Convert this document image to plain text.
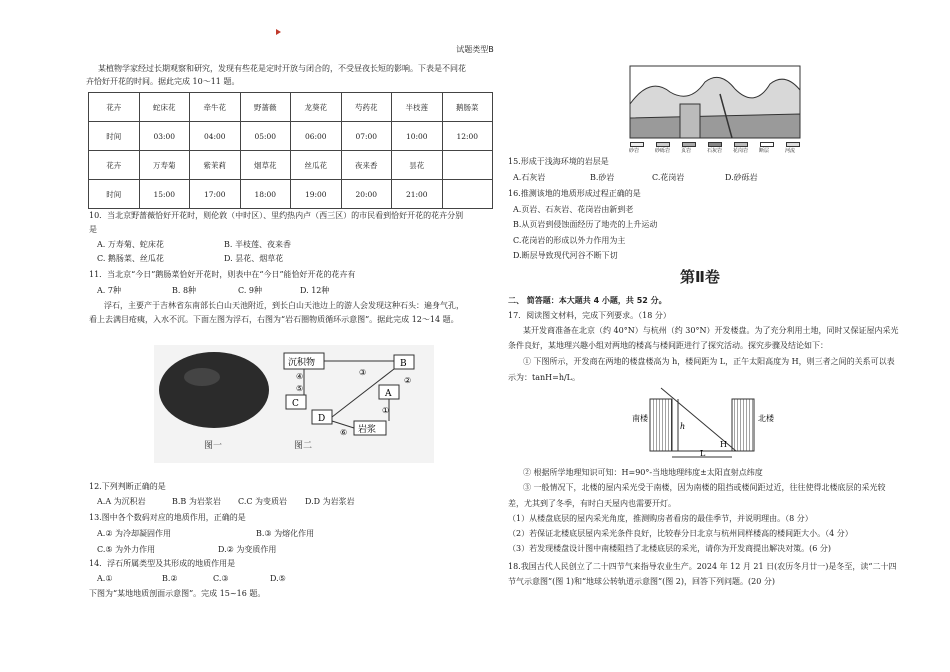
试题类型B
某植物学家经过长期观察和研究，发现有些花是定时开放与闭合的，不受昼夜长短的影响。下表是不同花
卉恰好开花的时间。据此完成 10～11 题。
花卉	蛇床花	牵牛花	野蔷薇	龙葵花	芍药花	半枝莲	鹅肠菜
时间	03:00	04:00	05:00	06:00	07:00	10:00	12:00
花卉	万寿菊	紫茉莉	烟草花	丝瓜花	夜来香	昙花	
时间	15:00	17:00	18:00	19:00	20:00	21:00	
10．当北京野蔷薇恰好开花时，则伦敦（中时区）、里约热内卢（西三区）的市民看到恰好开花的花卉分别
是
A. 万寿菊、蛇床花	B. 半枝莲、夜来香
C. 鹅肠菜、丝瓜花	D. 昙花、烟草花
11．当北京“今日”鹅肠菜恰好开花时，则表中在“今日”能恰好开花的花卉有
A. 7种	B. 8种	C. 9种	D. 12种
浮石，主要产于吉林省东南部长白山天池附近，到长白山天池边上的游人会发现这种石头：遍身气孔，
看上去满目疮痍，入水不沉。下面左图为浮石，右图为“岩石圈物质循环示意图”。据此完成 12～14 题。
图一	图二
沉积物	B
A
C
D
岩浆
④
⑤
③
①
⑥
②
12.下列判断正确的是
A.A 为沉积岩	B.B 为岩浆岩 C.C 为变质岩 D.D 为岩浆岩
13.图中各个数码对应的地质作用，正确的是
A.② 为冷却凝固作用	B.③ 为熔化作用
C.⑤ 为外力作用	D.② 为变质作用
14．浮石所属类型及其形成的地质作用是
A.①	B.②	C.③	D.⑤
下图为“某地地质剖面示意图”。完成 15~16 题。
砂岩	砂砾岩 页岩	石灰岩 花岗岩 断层	河流
15.形成于浅海环境的岩层是
A.石灰岩	B.砂岩	C.花岗岩	D.砂砾岩
16.推测该地的地质形成过程正确的是
A.页岩、石灰岩、花岗岩由新到老
B.从页岩到侵蚀面经历了地壳的上升运动
C.花岗岩的形成以外力作用为主
D.断层导致现代河谷不断下切
第Ⅱ卷
二、 简答题：本大题共 4 小题，共 52 分。
17．阅读图文材料，完成下列要求。（18 分）
某开发商准备在北京（约 40°N）与杭州（约 30°N）开发楼盘。为了充分利用土地，同时又保证屋内采光
条件良好，某地理兴趣小组对两地的楼高与楼间距进行了探究活动。探究步骤及结论如下：
① 下图所示，开发商在两地的楼盘楼高为 h，楼间距为 L，正午太阳高度为 H，则三者之间的关系可以表
示为：tanH=h/L。
南楼	北楼
h
H
L
② 根据所学地理知识可知：H=90°-当地地理纬度±太阳直射点纬度
③ 一般情况下，北楼的屋内采光受于南楼，因为南楼的阻挡或楼间距过近，往往使得北楼底层的采光较
差，尤其到了冬季，有时白天屋内也需要开灯。
（1）从楼盘底层的屋内采光角度，推测购房者看房的最佳季节，并说明理由。（8 分）
（2）若保证北楼底层屋内采光条件良好，比较春分日北京与杭州同样楼高的楼间距大小。（4 分）
（3）若发现楼盘设计图中南楼阻挡了北楼底层的采光，请你为开发商提出解决对策。(6 分)
18.我国古代人民创立了二十四节气来指导农业生产。2024 年 12 月 21 日(农历冬月廿一)是冬至，读“二十四
节气示意图”(图 1)和“地球公转轨道示意图”(图 2)，回答下列问题。(20 分)
